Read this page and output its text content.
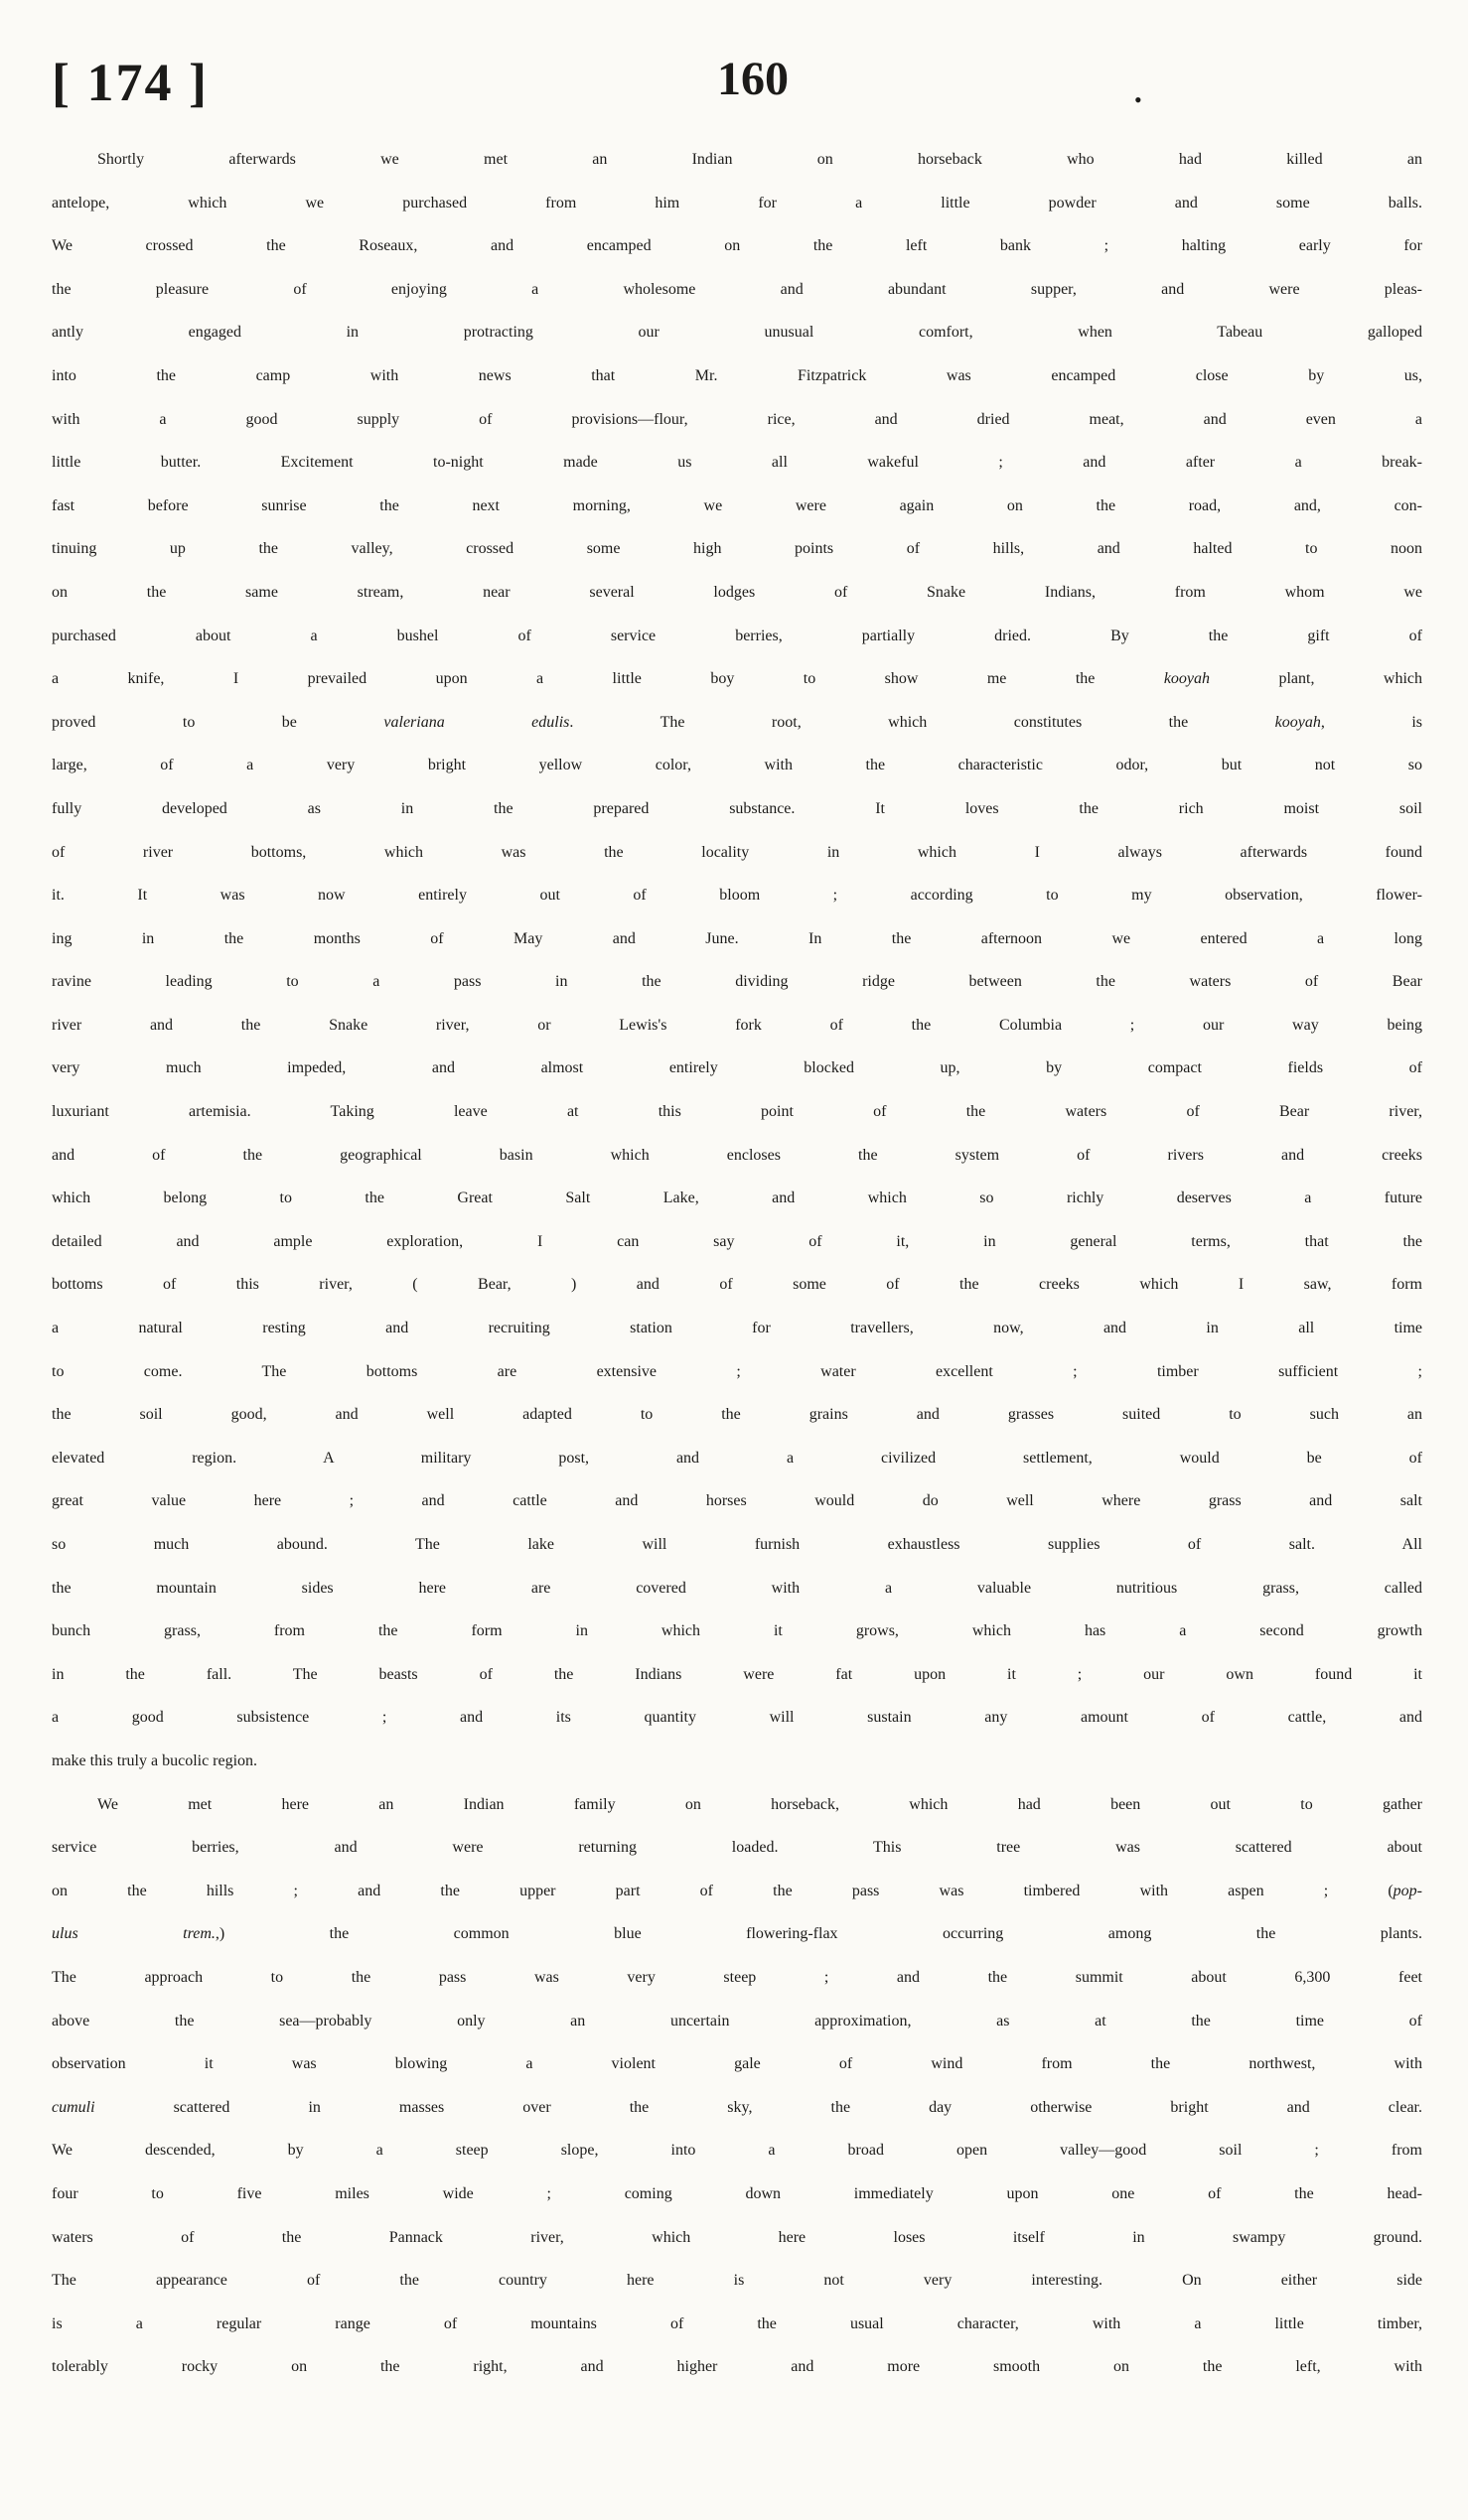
[ 174 ]	160	•
Shortly afterwards we met an Indian on horseback who had killed an
antelope, which we purchased from him for a little powder and some balls.
We crossed the Roseaux, and encamped on the left bank ; halting early for
the pleasure of enjoying a wholesome and abundant supper, and were pleas-
antly engaged in protracting our unusual comfort, when Tabeau galloped
into the camp with news that Mr. Fitzpatrick was encamped close by us,
with a good supply of provisions—flour, rice, and dried meat, and even a
little butter. Excitement to-night made us all wakeful ; and after a break-
fast before sunrise the next morning, we were again on the road, and, con-
tinuing up the valley, crossed some high points of hills, and halted to noon
on the same stream, near several lodges of Snake Indians, from whom we
purchased about a bushel of service berries, partially dried. By the gift of
a knife, I prevailed upon a little boy to show me the kooyah plant, which
proved to be valeriana edulis. The root, which constitutes the kooyah, is
large, of a very bright yellow color, with the characteristic odor, but not so
fully developed as in the prepared substance. It loves the rich moist soil
of river bottoms, which was the locality in which I always afterwards found
it. It was now entirely out of bloom ; according to my observation, flower-
ing in the months of May and June. In the afternoon we entered a long
ravine leading to a pass in the dividing ridge between the waters of Bear
river and the Snake river, or Lewis's fork of the Columbia ; our way being
very much impeded, and almost entirely blocked up, by compact fields of
luxuriant artemisia. Taking leave at this point of the waters of Bear river,
and of the geographical basin which encloses the system of rivers and creeks
which belong to the Great Salt Lake, and which so richly deserves a future
detailed and ample exploration, I can say of it, in general terms, that the
bottoms of this river, ( Bear, ) and of some of the creeks which I saw, form
a natural resting and recruiting station for travellers, now, and in all time
to come. The bottoms are extensive ; water excellent ; timber sufficient ;
the soil good, and well adapted to the grains and grasses suited to such an
elevated region. A military post, and a civilized settlement, would be of
great value here ; and cattle and horses would do well where grass and salt
so much abound. The lake will furnish exhaustless supplies of salt. All
the mountain sides here are covered with a valuable nutritious grass, called
bunch grass, from the form in which it grows, which has a second growth
in the fall. The beasts of the Indians were fat upon it ; our own found it
a good subsistence ; and its quantity will sustain any amount of cattle, and
make this truly a bucolic region.
We met here an Indian family on horseback, which had been out to gather
service berries, and were returning loaded. This tree was scattered about
on the hills ; and the upper part of the pass was timbered with aspen ; (pop-
ulus trem.,) the common blue flowering-flax occurring among the plants.
The approach to the pass was very steep ; and the summit about 6,300 feet
above the sea—probably only an uncertain approximation, as at the time of
observation it was blowing a violent gale of wind from the northwest, with
cumuli scattered in masses over the sky, the day otherwise bright and clear.
We descended, by a steep slope, into a broad open valley—good soil ; from
four to five miles wide ; coming down immediately upon one of the head-
waters of the Pannack river, which here loses itself in swampy ground.
The appearance of the country here is not very interesting. On either side
is a regular range of mountains of the usual character, with a little timber,
tolerably rocky on the right, and higher and more smooth on the left, with
